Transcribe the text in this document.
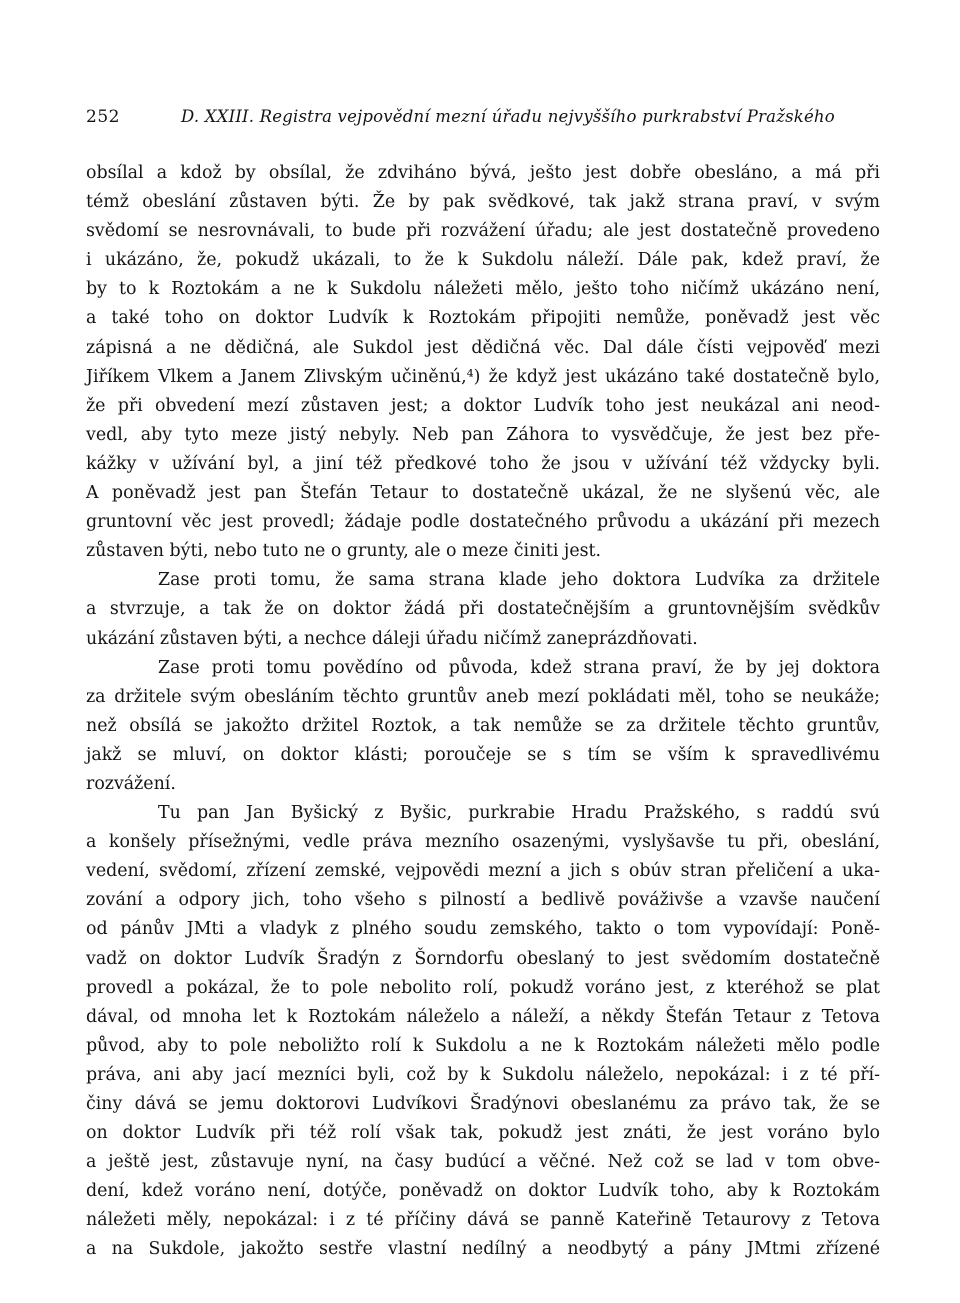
252	D. XXIII. Registra vejpovědní mezní úřadu nejvyššího purkrabství Pražského
obsílal a kdož by obsílal, že zdviháno bývá, ješto jest dobře obesláno, a má při
témž obeslání zůstaven býti. Že by pak svědkové, tak jakž strana praví, v svým
svědomí se nesrovnávali, to bude při rozvážení úřadu; ale jest dostatečně provedeno
i ukázáno, že, pokudž ukázali, to že k Sukdolu náleží. Dále pak, kdež praví, že
by to k Roztokám a ne k Sukdolu náležeti mělo, ješto toho ničímž ukázáno není,
a také toho on doktor Ludvík k Roztokám připojiti nemůže, poněvadž jest věc
zápisná a ne dědičná, ale Sukdol jest dědičná věc. Dal dále čísti vejpověď mezi
Jiříkem Vlkem a Janem Zlivským učiněnú,⁴) že když jest ukázáno také dostatečně bylo,
že při obvedení mezí zůstaven jest; a doktor Ludvík toho jest neukázal ani neod-
vedl, aby tyto meze jistý nebyly. Neb pan Záhora to vysvědčuje, že jest bez pře-
kážky v užívání byl, a jiní též předkové toho že jsou v užívání též vždycky byli.
A poněvadž jest pan Štefán Tetaur to dostatečně ukázal, že ne slyšenú věc, ale
gruntovní věc jest provedl; žádaje podle dostatečného průvodu a ukázání při mezech
zůstaven býti, nebo tuto ne o grunty, ale o meze činiti jest.
Zase proti tomu, že sama strana klade jeho doktora Ludvíka za držitele
a stvrzuje, a tak že on doktor žádá při dostatečnějším a gruntovnějším svědkův
ukázání zůstaven býti, a nechce dáleji úřadu ničímž zaneprázdňovati.
Zase proti tomu povědíno od původa, kdež strana praví, že by jej doktora
za držitele svým obesláním těchto gruntův aneb mezí pokládati měl, toho se neukáže;
než obsílá se jakožto držitel Roztok, a tak nemůže se za držitele těchto gruntův,
jakž se mluví, on doktor klásti; poroučeje se s tím se vším k spravedlivému
rozvážení.
Tu pan Jan Byšický z Byšic, purkrabie Hradu Pražského, s raddú svú
a konšely přísežnými, vedle práva mezního osazenými, vyslyšavše tu při, obeslání,
vedení, svědomí, zřízení zemské, vejpovědi mezní a jich s obúv stran přeličení a uka-
zování a odpory jich, toho všeho s pilností a bedlivě pováživše a vzavše naučení
od pánův JMti a vladyk z plného soudu zemského, takto o tom vypovídají: Poně-
vadž on doktor Ludvík Šradýn z Šorndorfu obeslaný to jest svědomím dostatečně
provedl a pokázal, že to pole nebolito rolí, pokudž voráno jest, z kteréhož se plat
dával, od mnoha let k Roztokám náleželo a náleží, a někdy Štefán Tetaur z Tetova
původ, aby to pole neboližto rolí k Sukdolu a ne k Roztokám náležeti mělo podle
práva, ani aby jací mezníci byli, což by k Sukdolu náleželo, nepokázal: i z té pří-
činy dává se jemu doktorovi Ludvíkovi Šradýnovi obeslanému za právo tak, že se
on doktor Ludvík při též rolí však tak, pokudž jest znáti, že jest voráno bylo
a ještě jest, zůstavuje nyní, na časy budúcí a věčné. Než což se lad v tom obve-
dení, kdež voráno není, dotýče, poněvadž on doktor Ludvík toho, aby k Roztokám
náležeti měly, nepokázal: i z té příčiny dává se panně Kateřině Tetaurovy z Tetova
a na Sukdole, jakožto sestře vlastní nedílný a neodbytý a pány JMtmi zřízené
